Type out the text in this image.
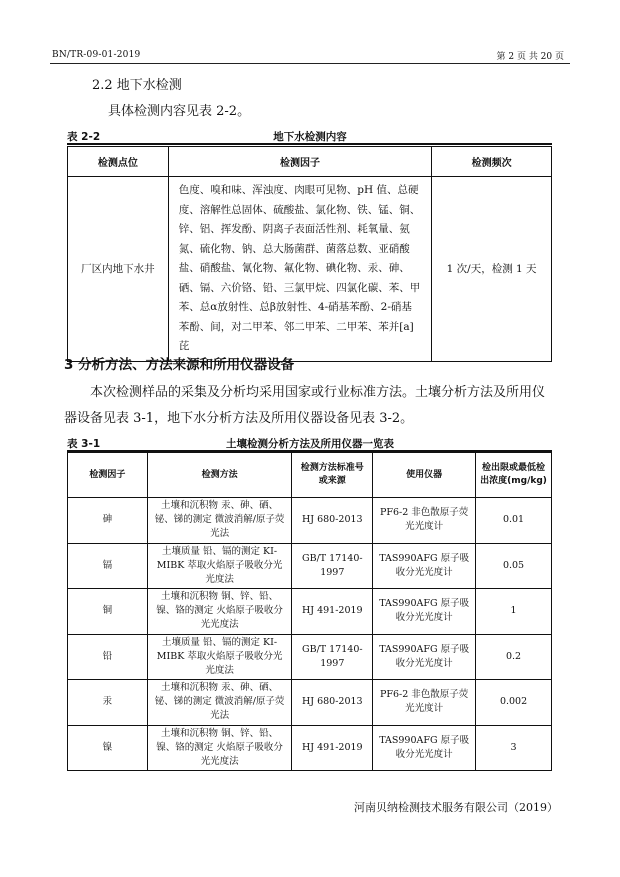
BN/TR-09-01-2019	第 2 页 共 20 页
2.2 地下水检测
具体检测内容见表 2-2。
表 2-2	地下水检测内容
检测点位	检测因子	检测频次
厂区内地下水井	色度、嗅和味、浑浊度、肉眼可见物、pH 值、总硬度、溶解性总固体、硫酸盐、氯化物、铁、锰、铜、锌、铝、挥发酚、阴离子表面活性剂、耗氧量、氨氮、硫化物、钠、总大肠菌群、菌落总数、亚硝酸盐、硝酸盐、氰化物、氟化物、碘化物、汞、砷、硒、镉、六价铬、铅、三氯甲烷、四氯化碳、苯、甲苯、总α放射性、总β放射性、4-硝基苯酚、2-硝基苯酚、间，对二甲苯、邻二甲苯、二甲苯、苯并[a]芘	1 次/天，检测 1 天
3 分析方法、方法来源和所用仪器设备
本次检测样品的采集及分析均采用国家或行业标准方法。土壤分析方法及所用仪器设备见表 3-1，地下水分析方法及所用仪器设备见表 3-2。
表 3-1	土壤检测分析方法及所用仪器一览表
检测因子	检测方法	检测方法标准号或来源	使用仪器	检出限或最低检出浓度(mg/kg)
砷	土壤和沉积物 汞、砷、硒、铋、锑的测定 微波消解/原子荧光法	HJ 680-2013	PF6-2 非色散原子荧光光度计	0.01
镉	土壤质量 铅、镉的测定 KI-MIBK 萃取火焰原子吸收分光光度法	GB/T 17140-1997	TAS990AFG 原子吸收分光光度计	0.05
铜	土壤和沉积物 铜、锌、铅、镍、铬的测定 火焰原子吸收分光光度法	HJ 491-2019	TAS990AFG 原子吸收分光光度计	1
铅	土壤质量 铅、镉的测定 KI-MIBK 萃取火焰原子吸收分光光度法	GB/T 17140-1997	TAS990AFG 原子吸收分光光度计	0.2
汞	土壤和沉积物 汞、砷、硒、铋、锑的测定 微波消解/原子荧光法	HJ 680-2013	PF6-2 非色散原子荧光光度计	0.002
镍	土壤和沉积物 铜、锌、铅、镍、铬的测定 火焰原子吸收分光光度法	HJ 491-2019	TAS990AFG 原子吸收分光光度计	3
河南贝纳检测技术服务有限公司（2019）
